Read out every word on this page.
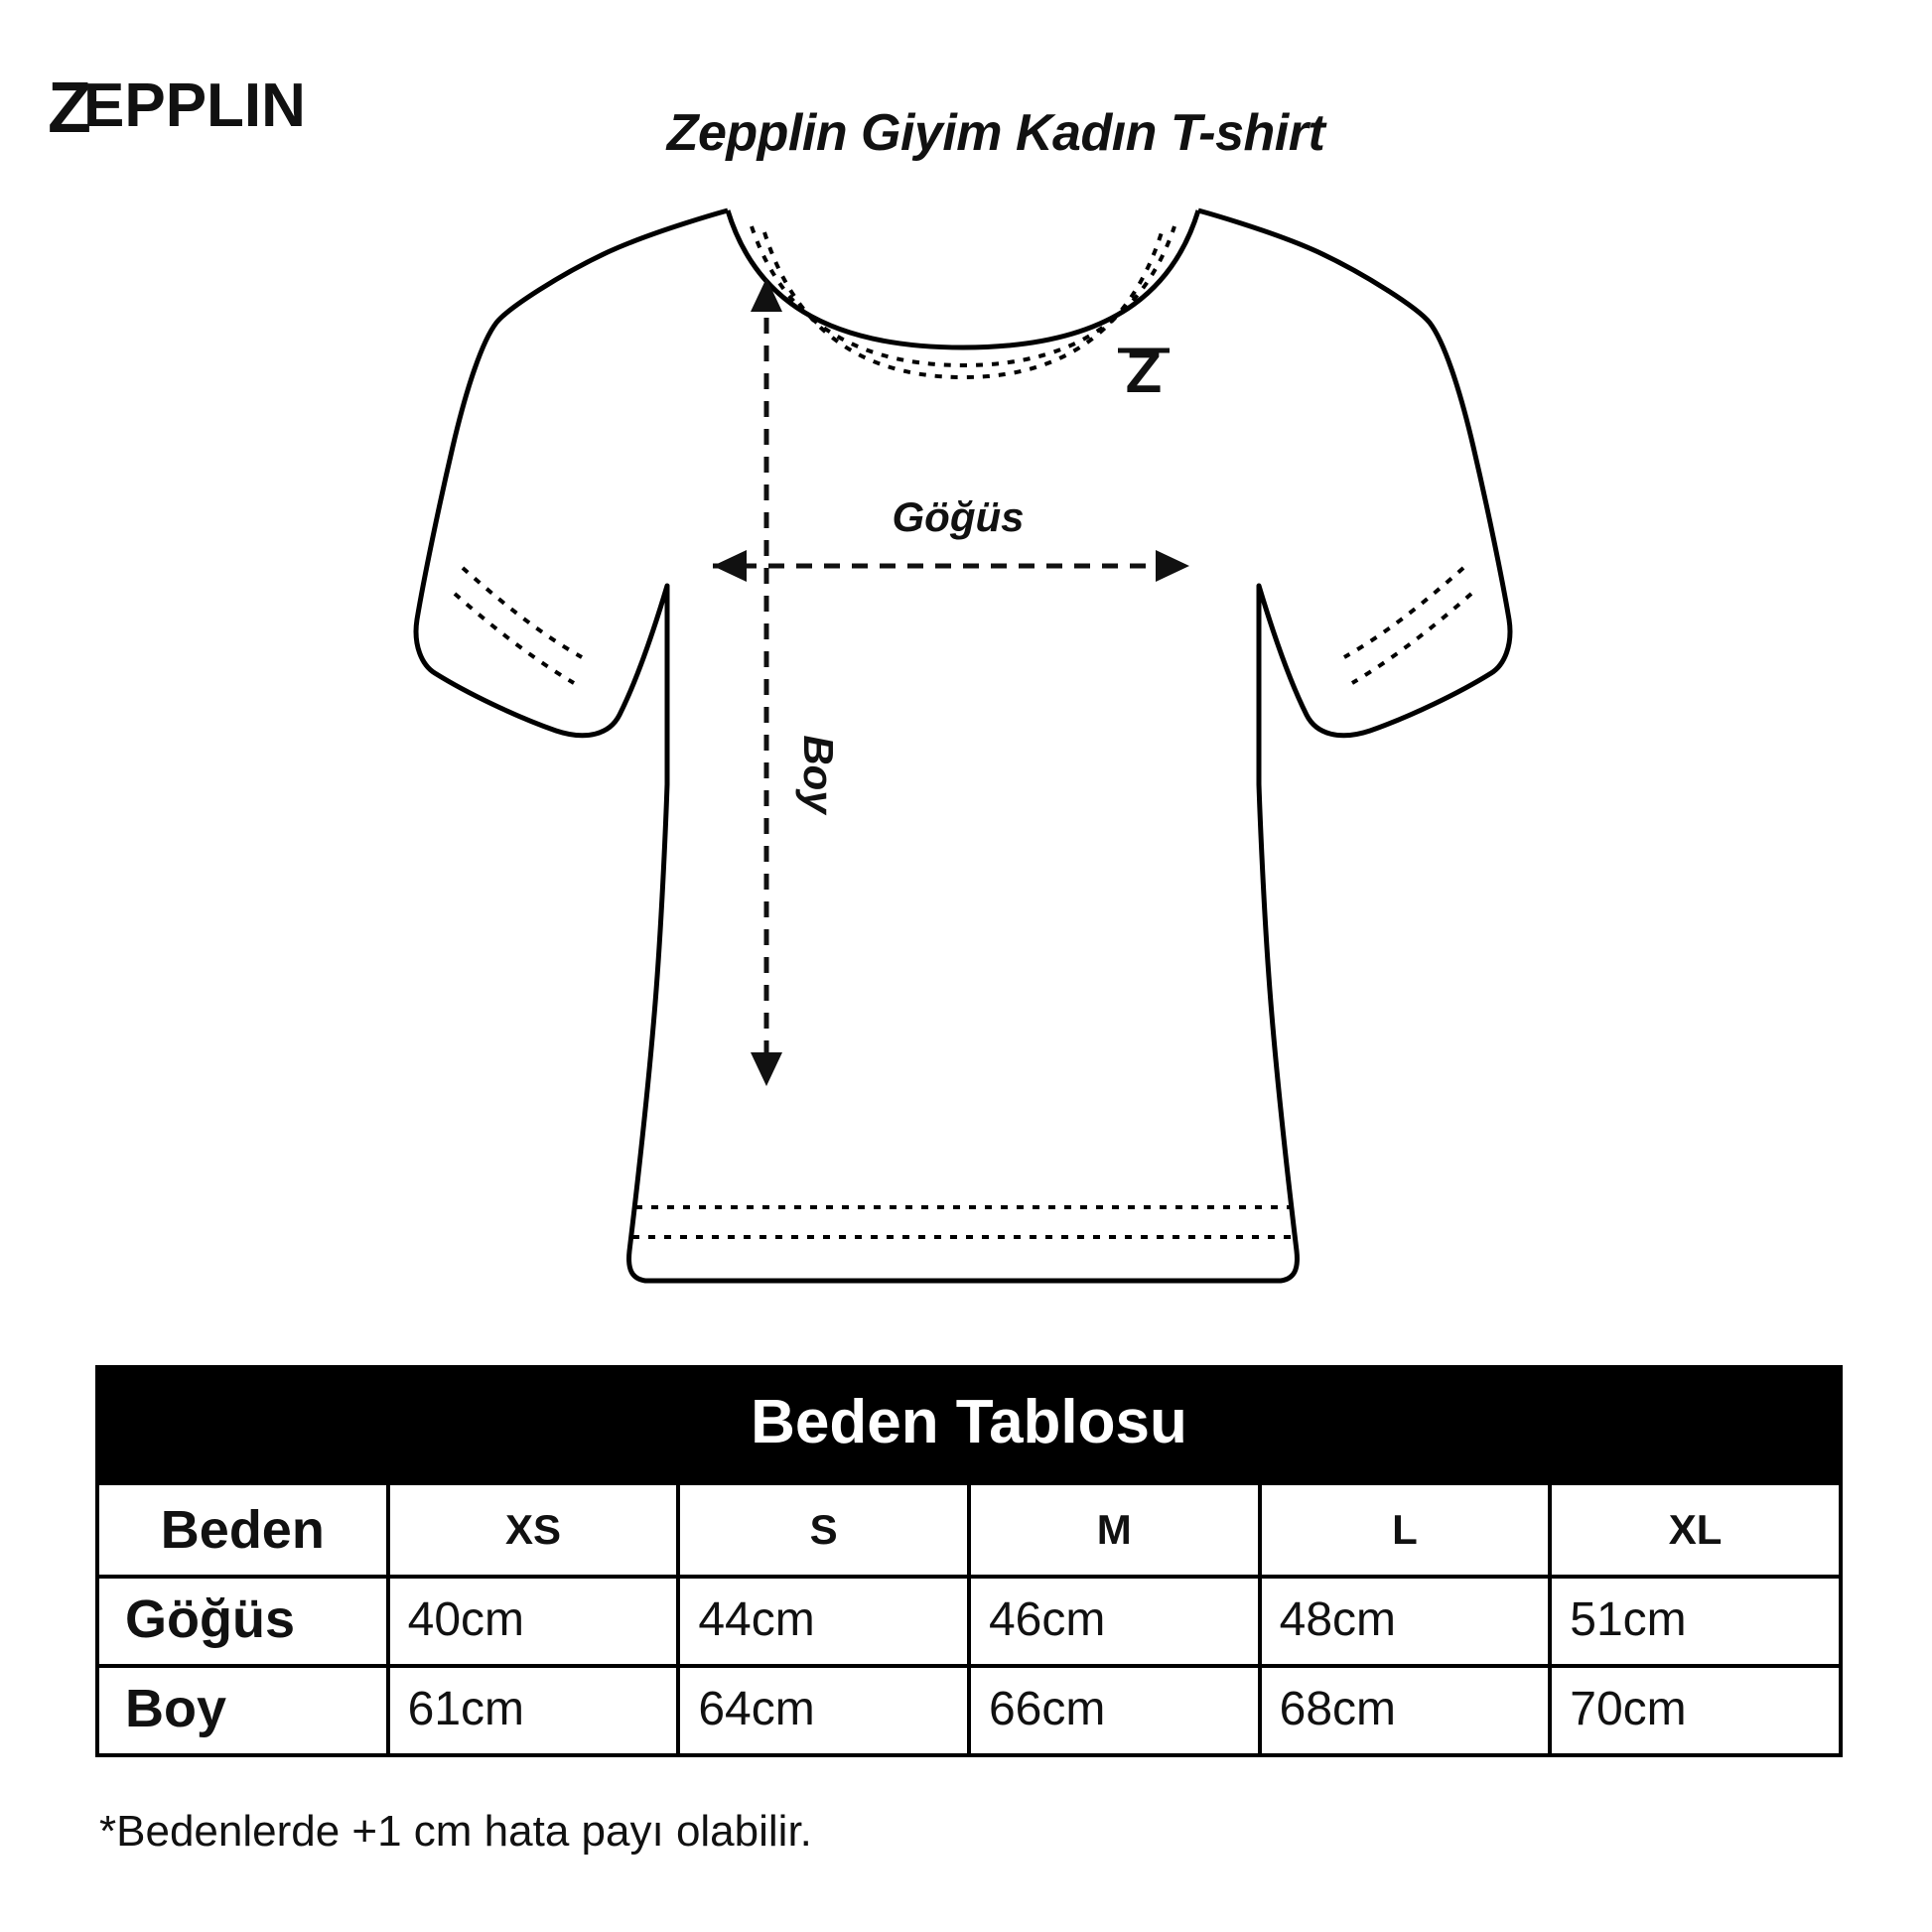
Z
EPPLIN	Zepplin Giyim Kadın T-shirt
Z
Göğüs
Boy
Beden Tablosu					
Beden	XS	S	M	L	XL
Göğüs	40cm	44cm	46cm	48cm	51cm
Boy	61cm	64cm	66cm	68cm	70cm
*Bedenlerde +1 cm hata payı olabilir.
